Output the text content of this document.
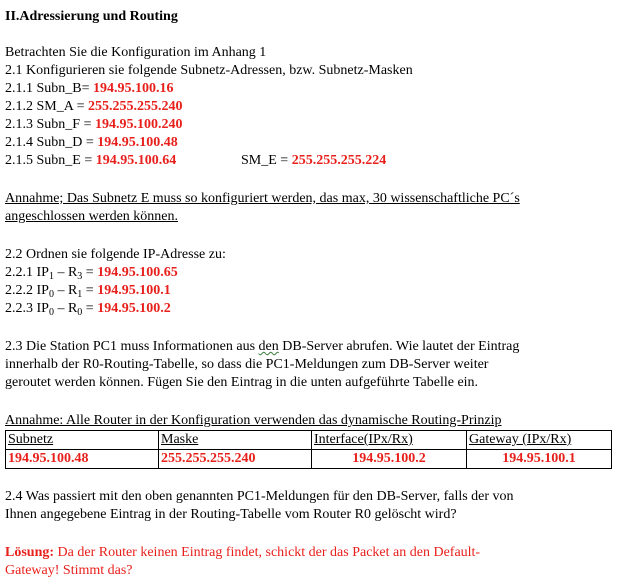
II.Adressierung und Routing
Betrachten Sie die Konfiguration im Anhang 1
2.1 Konfigurieren sie folgende Subnetz-Adressen, bzw. Subnetz-Masken
2.1.1 Subn_B= 194.95.100.16
2.1.2 SM_A = 255.255.255.240
2.1.3 Subn_F = 194.95.100.240
2.1.4 Subn_D = 194.95.100.48
2.1.5 Subn_E = 194.95.100.64	SM_E = 255.255.255.224
Annahme; Das Subnetz E muss so konfiguriert werden, das max, 30 wissenschaftliche PC´s
angeschlossen werden können.
2.2 Ordnen sie folgende IP-Adresse zu:
2.2.1 $IP_1 - R_3 = 194.95.100.65$
2.2.2 $IP_0 - R_1 = 194.95.100.1$
2.2.3 $IP_0 - R_0 = 194.95.100.2$
2.3 Die Station PC1 muss Informationen aus den DB-Server abrufen. Wie lautet der Eintrag
innerhalb der R0-Routing-Tabelle, so dass die PC1-Meldungen zum DB-Server weiter
geroutet werden können. Fügen Sie den Eintrag in die unten aufgeführte Tabelle ein.
Annahme: Alle Router in der Konfiguration verwenden das dynamische Routing-Prinzip
Subnetz	Maske	Interface(IPx/Rx)	Gateway (IPx/Rx)
194.95.100.48	255.255.255.240	194.95.100.2	194.95.100.1
2.4 Was passiert mit den oben genannten PC1-Meldungen für den DB-Server, falls der von
Ihnen angegebene Eintrag in der Routing-Tabelle vom Router R0 gelöscht wird?
Lösung: Da der Router keinen Eintrag findet, schickt der das Packet an den Default-
Gateway! Stimmt das?
